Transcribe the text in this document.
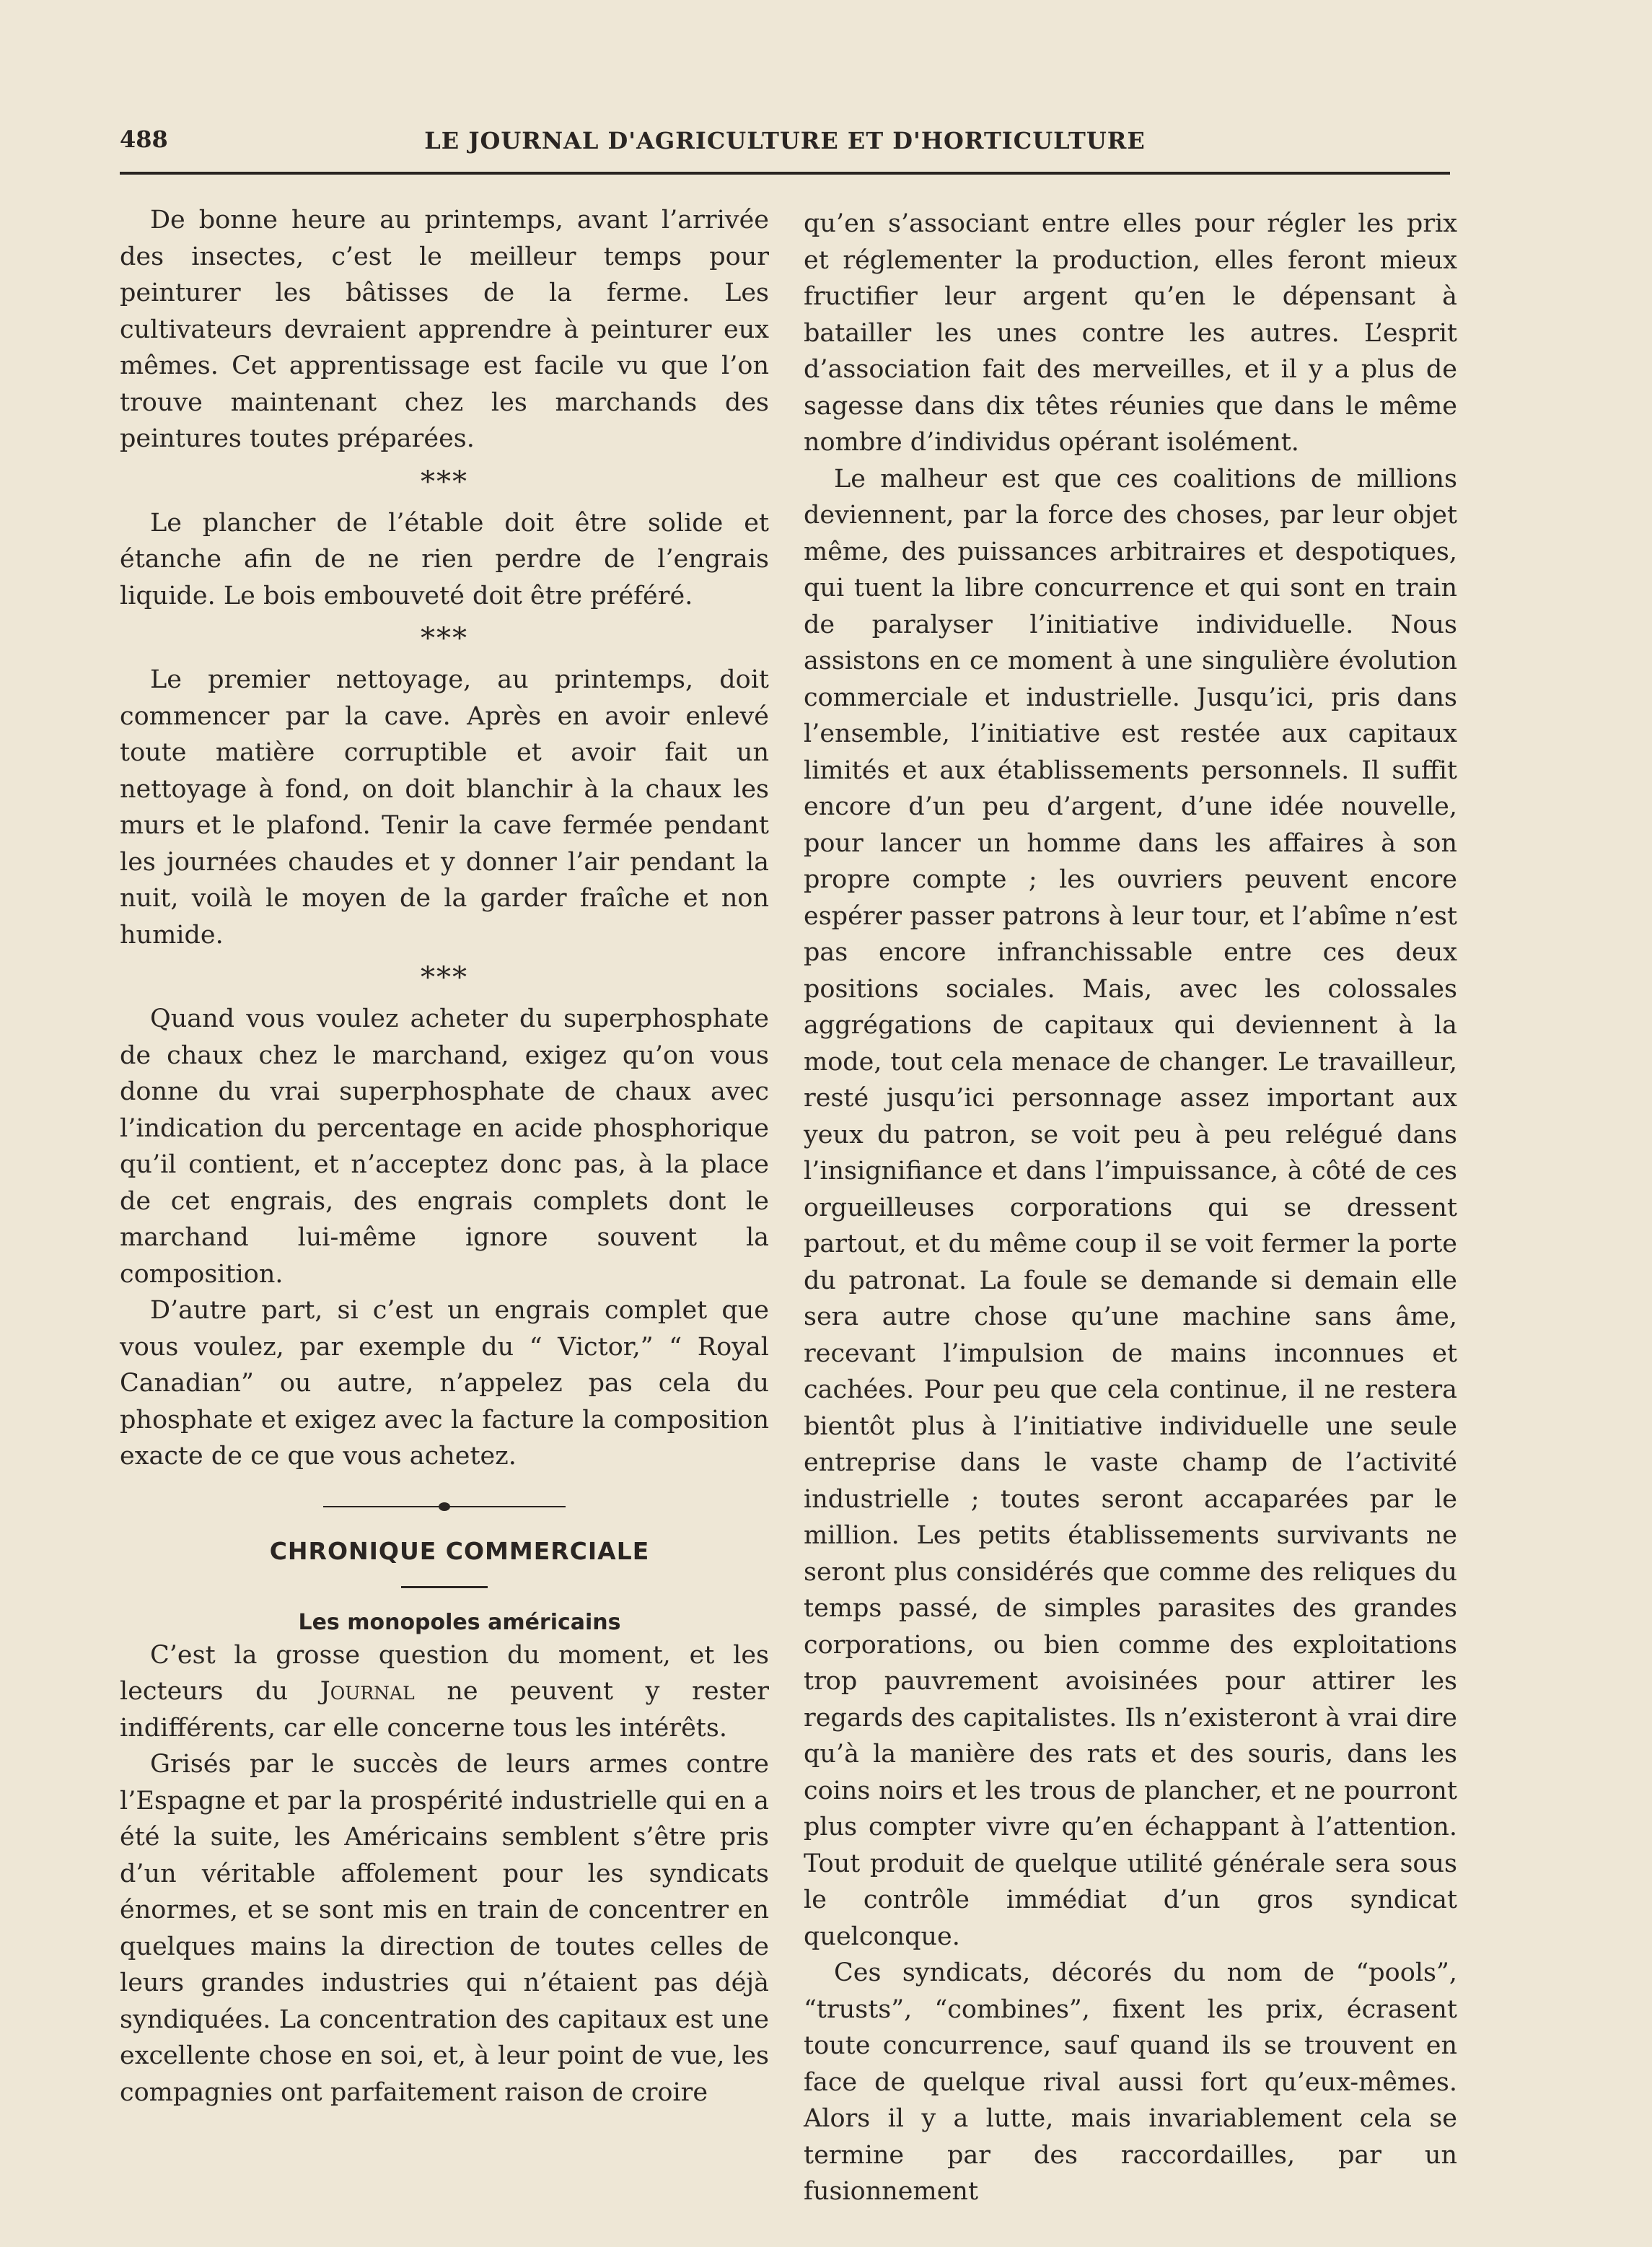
488	LE JOURNAL D'AGRICULTURE ET D'HORTICULTURE

De bonne heure au printemps, avant l’arrivée des insectes, c’est le meilleur temps pour peinturer les bâtisses de la ferme. Les cultivateurs devraient apprendre à peinturer eux mêmes. Cet apprentissage est facile vu que l’on trouve maintenant chez les marchands des peintures toutes préparées.

***

Le plancher de l’étable doit être solide et étanche afin de ne rien perdre de l’engrais liquide. Le bois embouveté doit être préféré.

***

Le premier nettoyage, au printemps, doit commencer par la cave. Après en avoir enlevé toute matière corruptible et avoir fait un nettoyage à fond, on doit blanchir à la chaux les murs et le plafond. Tenir la cave fermée pendant les journées chaudes et y donner l’air pendant la nuit, voilà le moyen de la garder fraîche et non humide.

***

Quand vous voulez acheter du superphosphate de chaux chez le marchand, exigez qu’on vous donne du vrai superphosphate de chaux avec l’indication du percentage en acide phosphorique qu’il contient, et n’acceptez donc pas, à la place de cet engrais, des engrais complets dont le marchand lui-même ignore souvent la composition.

D’autre part, si c’est un engrais complet que vous voulez, par exemple du “ Victor,” “ Royal Canadian” ou autre, n’appelez pas cela du phosphate et exigez avec la facture la composition exacte de ce que vous achetez.

CHRONIQUE COMMERCIALE

Les monopoles américains

C’est la grosse question du moment, et les lecteurs du Journal ne peuvent y rester indifférents, car elle concerne tous les intérêts.

Grisés par le succès de leurs armes contre l’Espagne et par la prospérité industrielle qui en a été la suite, les Américains semblent s’être pris d’un véritable affolement pour les syndicats énormes, et se sont mis en train de concentrer en quelques mains la direction de toutes celles de leurs grandes industries qui n’étaient pas déjà syndiquées. La concentration des capitaux est une excellente chose en soi, et, à leur point de vue, les compagnies ont parfaitement raison de croire

qu’en s’associant entre elles pour régler les prix et réglementer la production, elles feront mieux fructifier leur argent qu’en le dépensant à batailler les unes contre les autres. L’esprit d’association fait des merveilles, et il y a plus de sagesse dans dix têtes réunies que dans le même nombre d’individus opérant isolément.

Le malheur est que ces coalitions de millions deviennent, par la force des choses, par leur objet même, des puissances arbitraires et despotiques, qui tuent la libre concurrence et qui sont en train de paralyser l’initiative individuelle. Nous assistons en ce moment à une singulière évolution commerciale et industrielle. Jusqu’ici, pris dans l’ensemble, l’initiative est restée aux capitaux limités et aux établissements personnels. Il suffit encore d’un peu d’argent, d’une idée nouvelle, pour lancer un homme dans les affaires à son propre compte ; les ouvriers peuvent encore espérer passer patrons à leur tour, et l’abîme n’est pas encore infranchissable entre ces deux positions sociales. Mais, avec les colossales aggrégations de capitaux qui deviennent à la mode, tout cela menace de changer. Le travailleur, resté jusqu’ici personnage assez important aux yeux du patron, se voit peu à peu relégué dans l’insignifiance et dans l’impuissance, à côté de ces orgueilleuses corporations qui se dressent partout, et du même coup il se voit fermer la porte du patronat. La foule se demande si demain elle sera autre chose qu’une machine sans âme, recevant l’impulsion de mains inconnues et cachées. Pour peu que cela continue, il ne restera bientôt plus à l’initiative individuelle une seule entreprise dans le vaste champ de l’activité industrielle ; toutes seront accaparées par le million. Les petits établissements survivants ne seront plus considérés que comme des reliques du temps passé, de simples parasites des grandes corporations, ou bien comme des exploitations trop pauvrement avoisinées pour attirer les regards des capitalistes. Ils n’existeront à vrai dire qu’à la manière des rats et des souris, dans les coins noirs et les trous de plancher, et ne pourront plus compter vivre qu’en échappant à l’attention. Tout produit de quelque utilité générale sera sous le contrôle immédiat d’un gros syndicat quelconque.

Ces syndicats, décorés du nom de “pools”, “trusts”, “combines”, fixent les prix, écrasent toute concurrence, sauf quand ils se trouvent en face de quelque rival aussi fort qu’eux-mêmes. Alors il y a lutte, mais invariablement cela se termine par des raccordailles, par un fusionnement
